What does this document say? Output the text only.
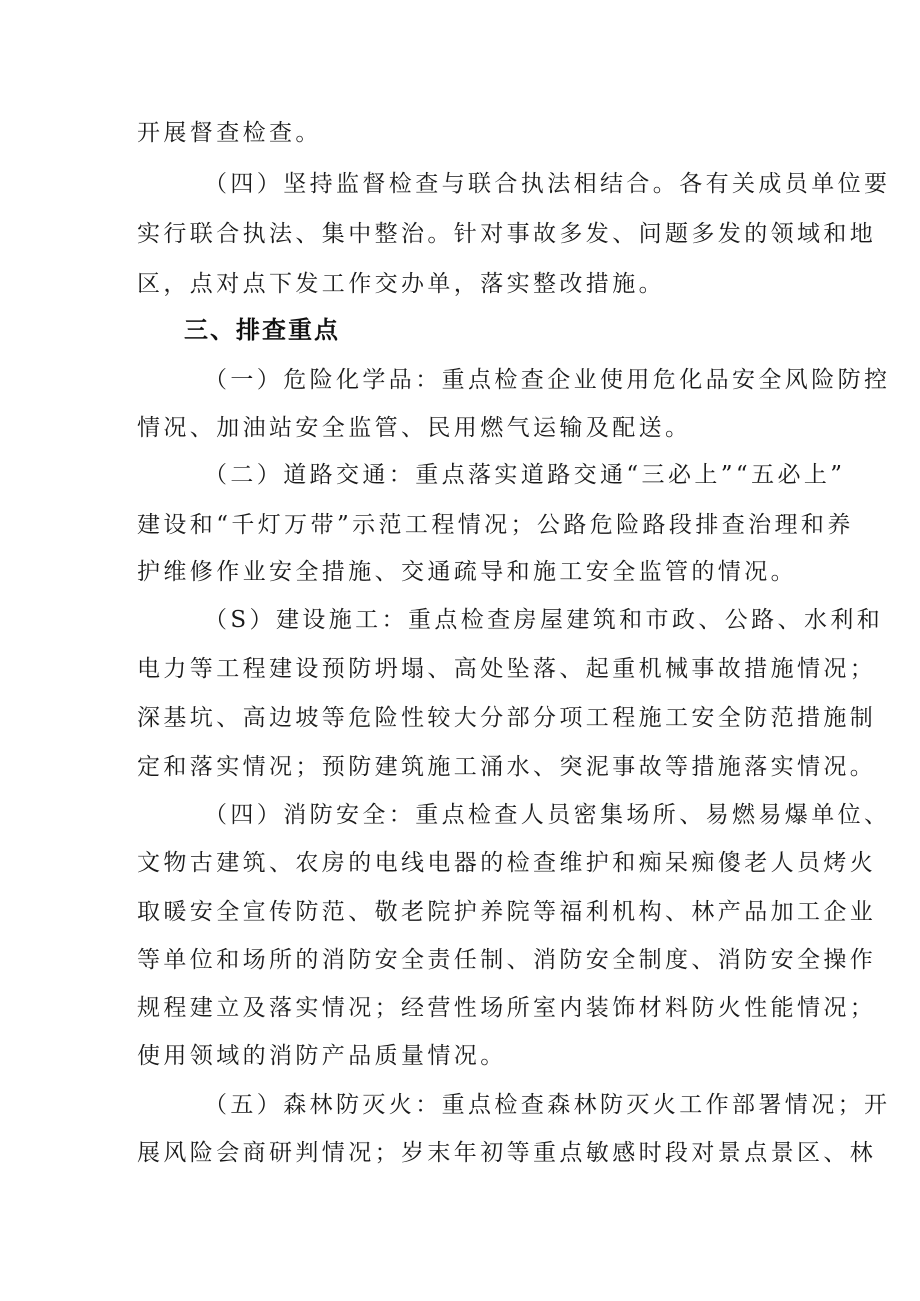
开展督查检查。
（四）坚持监督检查与联合执法相结合。各有关成员单位要
实行联合执法、集中整治。针对事故多发、问题多发的领域和地
区，点对点下发工作交办单，落实整改措施。
三、排查重点
（一）危险化学品：重点检查企业使用危化品安全风险防控
情况、加油站安全监管、民用燃气运输及配送。
（二）道路交通：重点落实道路交通“三必上”“五必上”
建设和“千灯万带”示范工程情况；公路危险路段排查治理和养
护维修作业安全措施、交通疏导和施工安全监管的情况。
（S）建设施工：重点检查房屋建筑和市政、公路、水利和
电力等工程建设预防坍塌、高处坠落、起重机械事故措施情况；
深基坑、高边坡等危险性较大分部分项工程施工安全防范措施制
定和落实情况；预防建筑施工涌水、突泥事故等措施落实情况。
（四）消防安全：重点检查人员密集场所、易燃易爆单位、
文物古建筑、农房的电线电器的检查维护和痴呆痴傻老人员烤火
取暖安全宣传防范、敬老院护养院等福利机构、林产品加工企业
等单位和场所的消防安全责任制、消防安全制度、消防安全操作
规程建立及落实情况；经营性场所室内装饰材料防火性能情况；
使用领域的消防产品质量情况。
（五）森林防灭火：重点检查森林防灭火工作部署情况；开
展风险会商研判情况；岁末年初等重点敏感时段对景点景区、林
